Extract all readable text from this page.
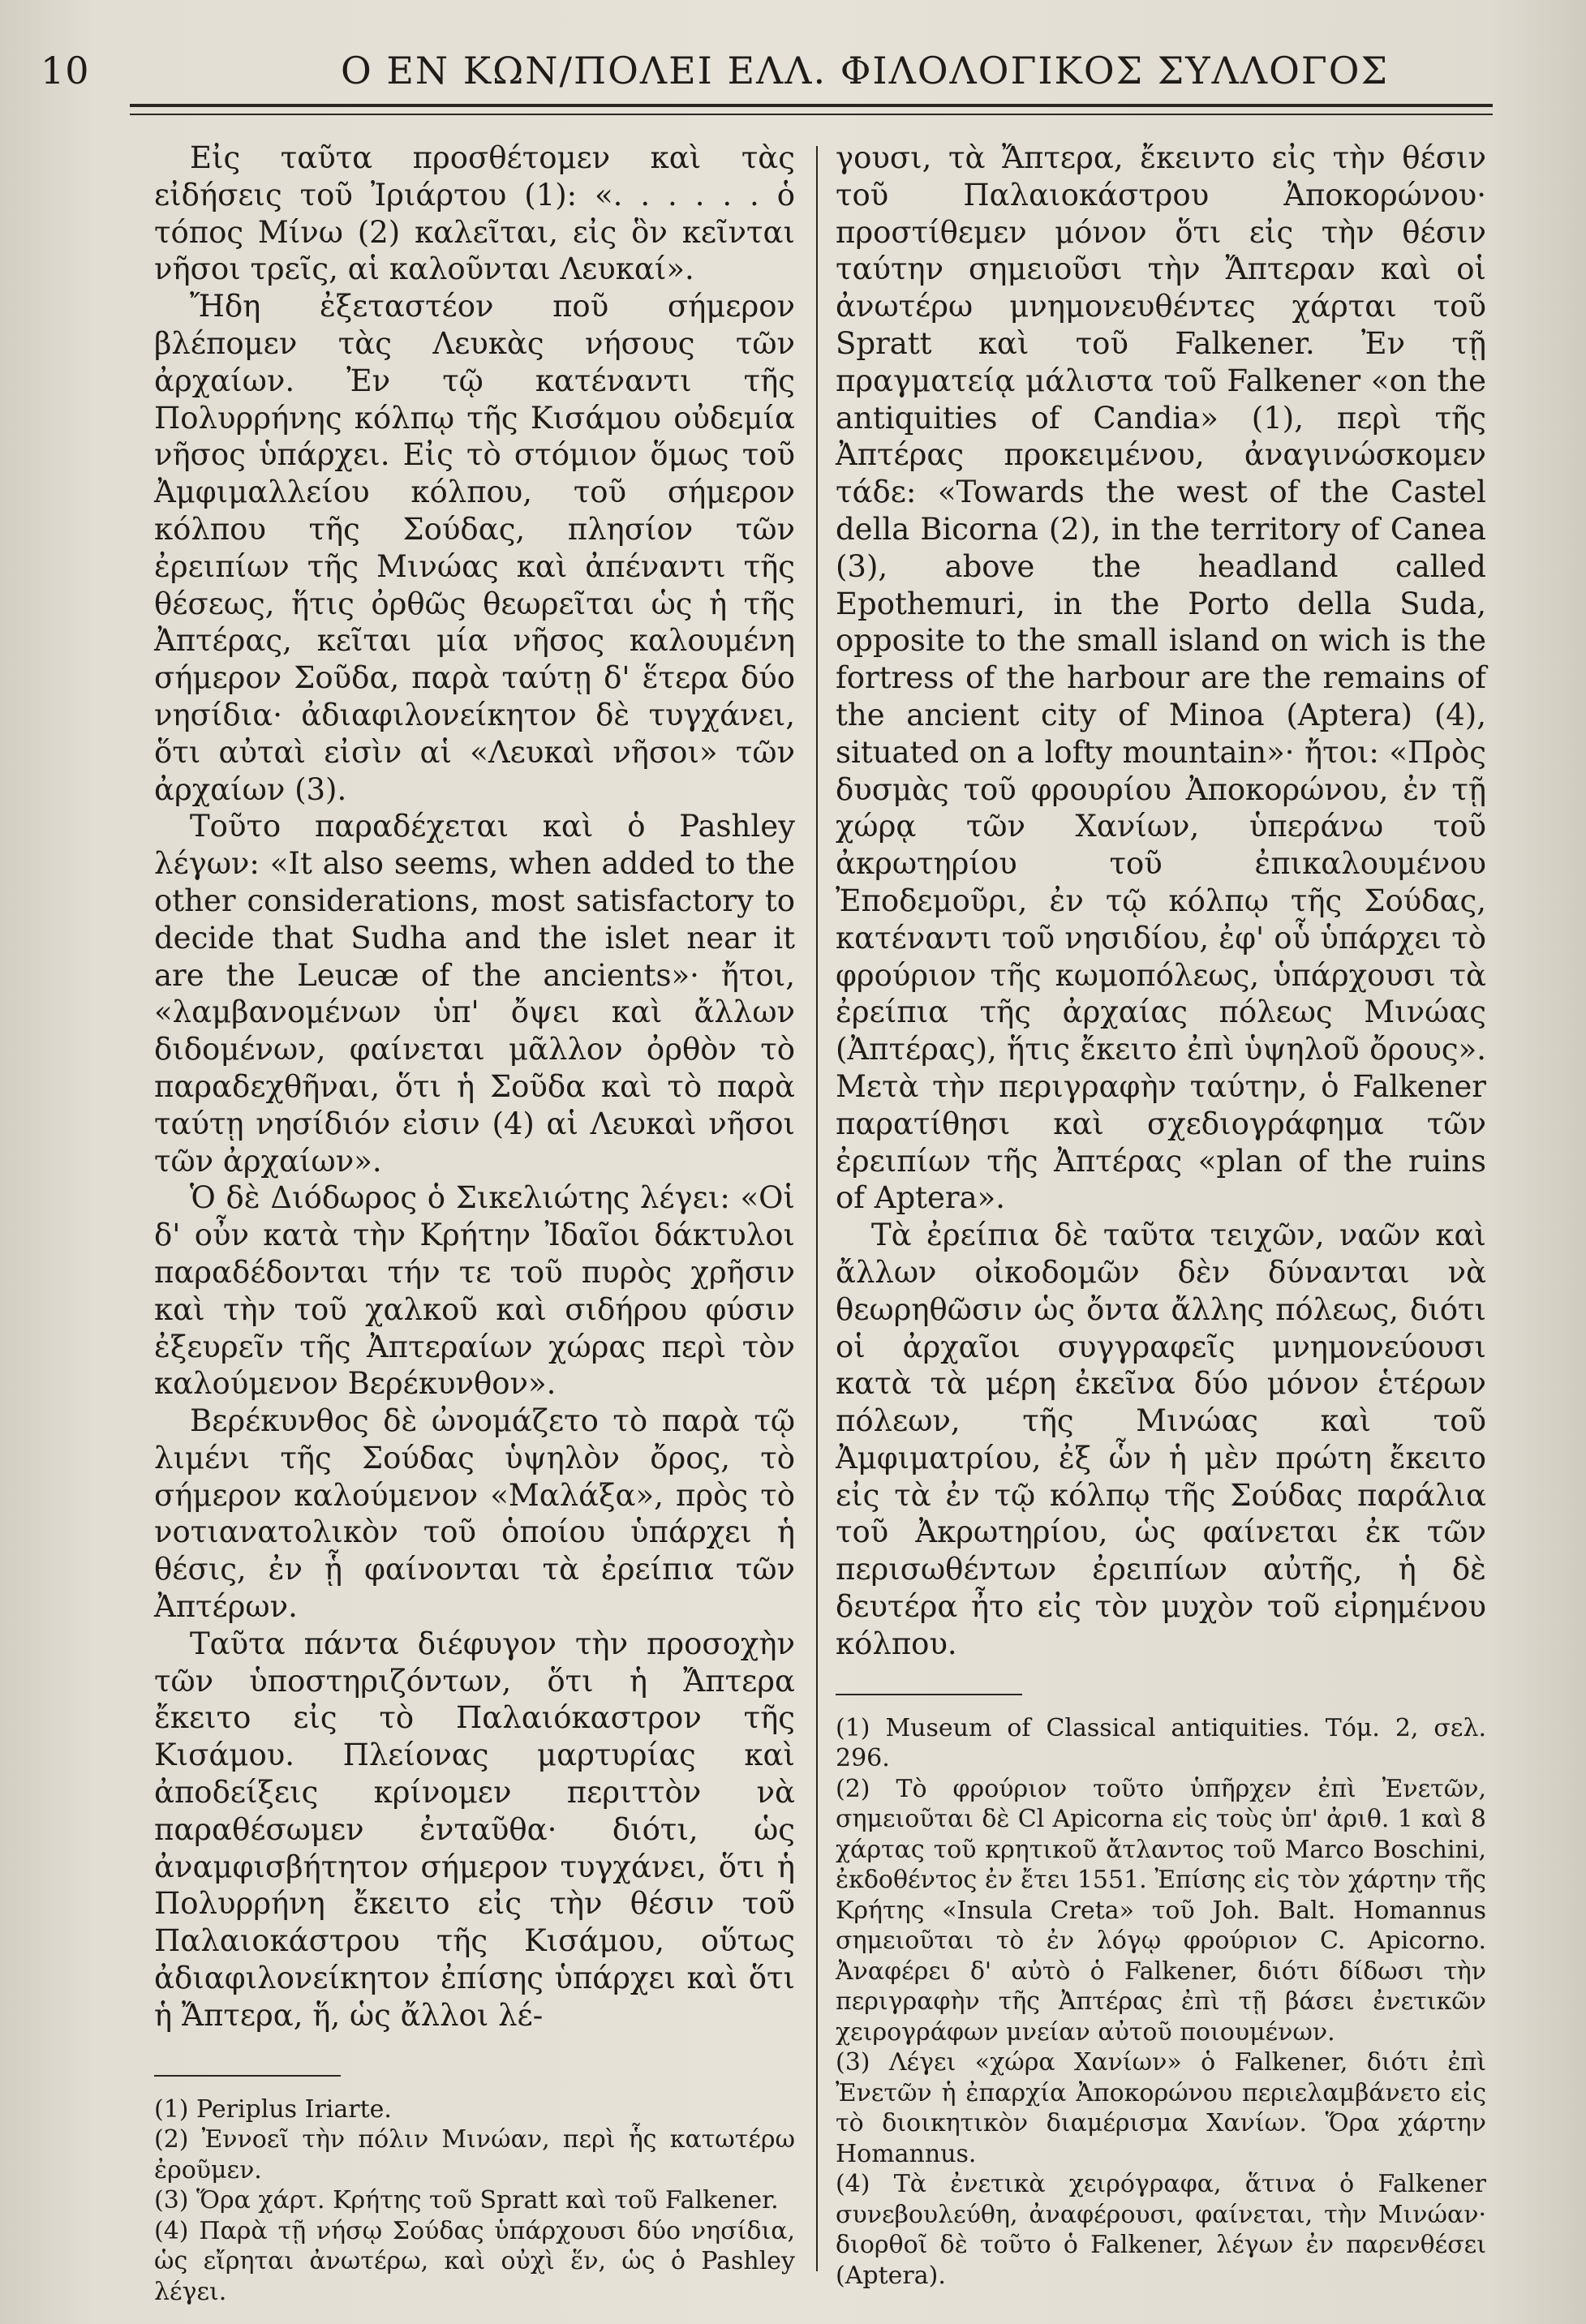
10	Ο ΕΝ ΚΩΝ/ΠΟΛΕΙ ΕΛΛ. ΦΙΛΟΛΟΓΙΚΟΣ ΣΥΛΛΟΓΟΣ

Εἰς ταῦτα προσθέτομεν καὶ τὰς εἰδήσεις τοῦ Ἰριάρτου (1): «. . . . . . ὁ τόπος Μίνω (2) καλεῖται, εἰς ὃν κεῖνται νῆσοι τρεῖς, αἱ καλοῦνται Λευκαί».

Ἤδη ἐξεταστέον ποῦ σήμερον βλέπομεν τὰς Λευκὰς νήσους τῶν ἀρχαίων. Ἐν τῷ κατέναντι τῆς Πολυρρήνης κόλπῳ τῆς Κισάμου οὐδεμία νῆσος ὑπάρχει. Εἰς τὸ στόμιον ὅμως τοῦ Ἀμφιμαλλείου κόλπου, τοῦ σήμερον κόλπου τῆς Σούδας, πλησίον τῶν ἐρειπίων τῆς Μινώας καὶ ἀπέναντι τῆς θέσεως, ἥτις ὀρθῶς θεωρεῖται ὡς ἡ τῆς Ἀπτέρας, κεῖται μία νῆσος καλουμένη σήμερον Σοῦδα, παρὰ ταύτῃ δ' ἕτερα δύο νησίδια· ἀδιαφιλονείκητον δὲ τυγχάνει, ὅτι αὐταὶ εἰσὶν αἱ «Λευκαὶ νῆσοι» τῶν ἀρχαίων (3).

Τοῦτο παραδέχεται καὶ ὁ Pashley λέγων: «It also seems, when added to the other considerations, most satisfactory to decide that Sudha and the islet near it are the Leucæ of the ancients»· ἤτοι, «λαμβανομένων ὑπ' ὄψει καὶ ἄλλων διδομένων, φαίνεται μᾶλλον ὀρθὸν τὸ παραδεχθῆναι, ὅτι ἡ Σοῦδα καὶ τὸ παρὰ ταύτῃ νησίδιόν εἰσιν (4) αἱ Λευκαὶ νῆσοι τῶν ἀρχαίων».

Ὁ δὲ Διόδωρος ὁ Σικελιώτης λέγει: «Οἱ δ' οὖν κατὰ τὴν Κρήτην Ἰδαῖοι δάκτυλοι παραδέδονται τήν τε τοῦ πυρὸς χρῆσιν καὶ τὴν τοῦ χαλκοῦ καὶ σιδήρου φύσιν ἐξευρεῖν τῆς Ἀπτεραίων χώρας περὶ τὸν καλούμενον Βερέκυνθον».

Βερέκυνθος δὲ ὠνομάζετο τὸ παρὰ τῷ λιμένι τῆς Σούδας ὑψηλὸν ὄρος, τὸ σήμερον καλούμενον «Μαλάξα», πρὸς τὸ νοτιανατολικὸν τοῦ ὁποίου ὑπάρχει ἡ θέσις, ἐν ᾗ φαίνονται τὰ ἐρείπια τῶν Ἀπτέρων.

Ταῦτα πάντα διέφυγον τὴν προσοχὴν τῶν ὑποστηριζόντων, ὅτι ἡ Ἄπτερα ἔκειτο εἰς τὸ Παλαιόκαστρον τῆς Κισάμου. Πλείονας μαρτυρίας καὶ ἀποδείξεις κρίνομεν περιττὸν νὰ παραθέσωμεν ἐνταῦθα· διότι, ὡς ἀναμφισβήτητον σήμερον τυγχάνει, ὅτι ἡ Πολυρρήνη ἔκειτο εἰς τὴν θέσιν τοῦ Παλαιοκάστρου τῆς Κισάμου, οὕτως ἀδιαφιλονείκητον ἐπίσης ὑπάρχει καὶ ὅτι ἡ Ἄπτερα, ἥ, ὡς ἄλλοι λέ-

(1) Periplus Iriarte.

(2) Ἐννοεῖ τὴν πόλιν Μινώαν, περὶ ἧς κατωτέρω ἐροῦμεν.

(3) Ὅρα χάρτ. Κρήτης τοῦ Spratt καὶ τοῦ Falkener.

(4) Παρὰ τῇ νήσῳ Σούδας ὑπάρχουσι δύο νησίδια, ὡς εἴρηται ἀνωτέρω, καὶ οὐχὶ ἕν, ὡς ὁ Pashley λέγει.

γουσι, τὰ Ἄπτερα, ἔκειντο εἰς τὴν θέσιν τοῦ Παλαιοκάστρου Ἀποκορώνου· προστίθεμεν μόνον ὅτι εἰς τὴν θέσιν ταύτην σημειοῦσι τὴν Ἄπτεραν καὶ οἱ ἀνωτέρω μνημονευθέντες χάρται τοῦ Spratt καὶ τοῦ Falkener. Ἐν τῇ πραγματείᾳ μάλιστα τοῦ Falkener «on the antiquities of Candia» (1), περὶ τῆς Ἀπτέρας προκειμένου, ἀναγινώσκομεν τάδε: «Towards the west of the Castel della Bicorna (2), in the territory of Canea (3), above the headland called Epothemuri, in the Porto della Suda, opposite to the small island on wich is the fortress of the harbour are the remains of the ancient city of Minoa (Aptera) (4), situated on a lofty mountain»· ἤτοι: «Πρὸς δυσμὰς τοῦ φρουρίου Ἀποκορώνου, ἐν τῇ χώρᾳ τῶν Χανίων, ὑπεράνω τοῦ ἀκρωτηρίου τοῦ ἐπικαλουμένου Ἐποδεμοῦρι, ἐν τῷ κόλπῳ τῆς Σούδας, κατέναντι τοῦ νησιδίου, ἐφ' οὗ ὑπάρχει τὸ φρούριον τῆς κωμοπόλεως, ὑπάρχουσι τὰ ἐρείπια τῆς ἀρχαίας πόλεως Μινώας (Ἀπτέρας), ἥτις ἔκειτο ἐπὶ ὑψηλοῦ ὄρους». Μετὰ τὴν περιγραφὴν ταύτην, ὁ Falkener παρατίθησι καὶ σχεδιογράφημα τῶν ἐρειπίων τῆς Ἀπτέρας «plan of the ruins of Aptera».

Τὰ ἐρείπια δὲ ταῦτα τειχῶν, ναῶν καὶ ἄλλων οἰκοδομῶν δὲν δύνανται νὰ θεωρηθῶσιν ὡς ὄντα ἄλλης πόλεως, διότι οἱ ἀρχαῖοι συγγραφεῖς μνημονεύουσι κατὰ τὰ μέρη ἐκεῖνα δύο μόνον ἑτέρων πόλεων, τῆς Μινώας καὶ τοῦ Ἀμφιματρίου, ἐξ ὧν ἡ μὲν πρώτη ἔκειτο εἰς τὰ ἐν τῷ κόλπῳ τῆς Σούδας παράλια τοῦ Ἀκρωτηρίου, ὡς φαίνεται ἐκ τῶν περισωθέντων ἐρειπίων αὐτῆς, ἡ δὲ δευτέρα ἦτο εἰς τὸν μυχὸν τοῦ εἰρημένου κόλπου.

(1) Museum of Classical antiquities. Τόμ. 2, σελ. 296.

(2) Τὸ φρούριον τοῦτο ὑπῆρχεν ἐπὶ Ἐνετῶν, σημειοῦται δὲ Cl Apicorna εἰς τοὺς ὑπ' ἀριθ. 1 καὶ 8 χάρτας τοῦ κρητικοῦ ἄτλαντος τοῦ Marco Boschini, ἐκδοθέντος ἐν ἔτει 1551. Ἐπίσης εἰς τὸν χάρτην τῆς Κρήτης «Insula Creta» τοῦ Joh. Balt. Homannus σημειοῦται τὸ ἐν λόγῳ φρούριον C. Apicorno. Ἀναφέρει δ' αὐτὸ ὁ Falkener, διότι δίδωσι τὴν περιγραφὴν τῆς Ἀπτέρας ἐπὶ τῇ βάσει ἐνετικῶν χειρογράφων μνείαν αὐτοῦ ποιουμένων.

(3) Λέγει «χώρα Χανίων» ὁ Falkener, διότι ἐπὶ Ἐνετῶν ἡ ἐπαρχία Ἀποκορώνου περιελαμβάνετο εἰς τὸ διοικητικὸν διαμέρισμα Χανίων. Ὅρα χάρτην Homannus.

(4) Τὰ ἐνετικὰ χειρόγραφα, ἅτινα ὁ Falkener συνεβουλεύθη, ἀναφέρουσι, φαίνεται, τὴν Μινώαν· διορθοῖ δὲ τοῦτο ὁ Falkener, λέγων ἐν παρενθέσει (Aptera).
